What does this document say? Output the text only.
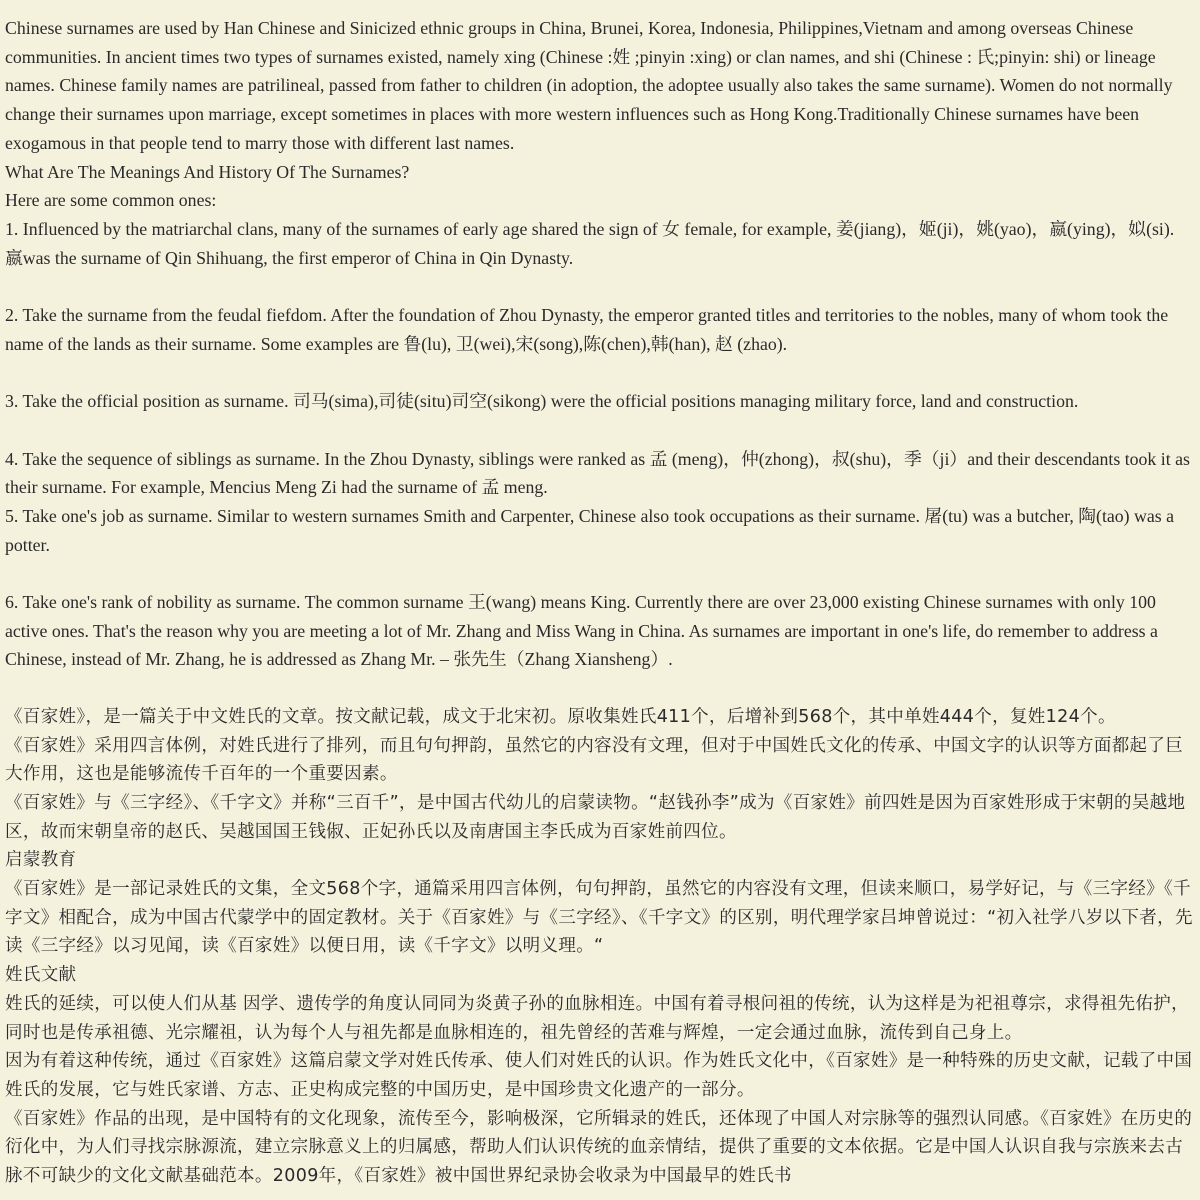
Chinese surnames are used by Han Chinese and Sinicized ethnic groups in China, Brunei, Korea, Indonesia, Philippines,Vietnam and among overseas Chinese communities. In ancient times two types of surnames existed, namely xing (Chinese :姓 ;pinyin :xing) or clan names, and shi (Chinese : 氏;pinyin: shi) or lineage names. Chinese family names are patrilineal, passed from father to children (in adoption, the adoptee usually also takes the same surname). Women do not normally change their surnames upon marriage, except sometimes in places with more western influences such as Hong Kong.Traditionally Chinese surnames have been exogamous in that people tend to marry those with different last names.

What Are The Meanings And History Of The Surnames?

Here are some common ones:

1. Influenced by the matriarchal clans, many of the surnames of early age shared the sign of 女 female, for example, 姜(jiang)，姬(ji)，姚(yao)，嬴(ying)，姒(si). 嬴was the surname of Qin Shihuang, the first emperor of China in Qin Dynasty.

2. Take the surname from the feudal fiefdom. After the foundation of Zhou Dynasty, the emperor granted titles and territories to the nobles, many of whom took the name of the lands as their surname. Some examples are 鲁(lu), 卫(wei),宋(song),陈(chen),韩(han), 赵 (zhao).

3. Take the official position as surname. 司马(sima),司徒(situ)司空(sikong) were the official positions managing military force, land and construction.

4. Take the sequence of siblings as surname. In the Zhou Dynasty, siblings were ranked as 孟 (meng)，仲(zhong)，叔(shu)，季（ji）and their descendants took it as their surname. For example, Mencius Meng Zi had the surname of 孟 meng.

5. Take one's job as surname. Similar to western surnames Smith and Carpenter, Chinese also took occupations as their surname. 屠(tu) was a butcher, 陶(tao) was a potter.

6. Take one's rank of nobility as surname. The common surname 王(wang) means King. Currently there are over 23,000 existing Chinese surnames with only 100 active ones. That's the reason why you are meeting a lot of Mr. Zhang and Miss Wang in China. As surnames are important in one's life, do remember to address a Chinese, instead of Mr. Zhang, he is addressed as Zhang Mr. – 张先生（Zhang Xiansheng）.

《百家姓》，是一篇关于中文姓氏的文章。按文献记载，成文于北宋初。原收集姓氏411个，后增补到568个，其中单姓444个，复姓124个。

《百家姓》采用四言体例，对姓氏进行了排列，而且句句押韵，虽然它的内容没有文理，但对于中国姓氏文化的传承、中国文字的认识等方面都起了巨大作用，这也是能够流传千百年的一个重要因素。

《百家姓》与《三字经》、《千字文》并称“三百千”，是中国古代幼儿的启蒙读物。“赵钱孙李”成为《百家姓》前四姓是因为百家姓形成于宋朝的吴越地区，故而宋朝皇帝的赵氏、吴越国国王钱俶、正妃孙氏以及南唐国主李氏成为百家姓前四位。

启蒙教育

《百家姓》是一部记录姓氏的文集，全文568个字，通篇采用四言体例，句句押韵，虽然它的内容没有文理，但读来顺口，易学好记，与《三字经》《千字文》相配合，成为中国古代蒙学中的固定教材。关于《百家姓》与《三字经》、《千字文》的区别，明代理学家吕坤曾说过：“初入社学八岁以下者，先读《三字经》以习见闻，读《百家姓》以便日用，读《千字文》以明义理。“

姓氏文献

姓氏的延续，可以使人们从基 因学、遗传学的角度认同同为炎黄子孙的血脉相连。中国有着寻根问祖的传统，认为这样是为祀祖尊宗，求得祖先佑护，同时也是传承祖德、光宗耀祖，认为每个人与祖先都是血脉相连的，祖先曾经的苦难与辉煌，一定会通过血脉，流传到自己身上。

因为有着这种传统，通过《百家姓》这篇启蒙文学对姓氏传承、使人们对姓氏的认识。作为姓氏文化中，《百家姓》是一种特殊的历史文献，记载了中国姓氏的发展，它与姓氏家谱、方志、正史构成完整的中国历史，是中国珍贵文化遗产的一部分。

《百家姓》作品的出现，是中国特有的文化现象，流传至今，影响极深，它所辑录的姓氏，还体现了中国人对宗脉等的强烈认同感。《百家姓》在历史的衍化中，为人们寻找宗脉源流，建立宗脉意义上的归属感，帮助人们认识传统的血亲情结，提供了重要的文本依据。它是中国人认识自我与宗族来去古脉不可缺少的文化文献基础范本。2009年，《百家姓》被中国世界纪录协会收录为中国最早的姓氏书
